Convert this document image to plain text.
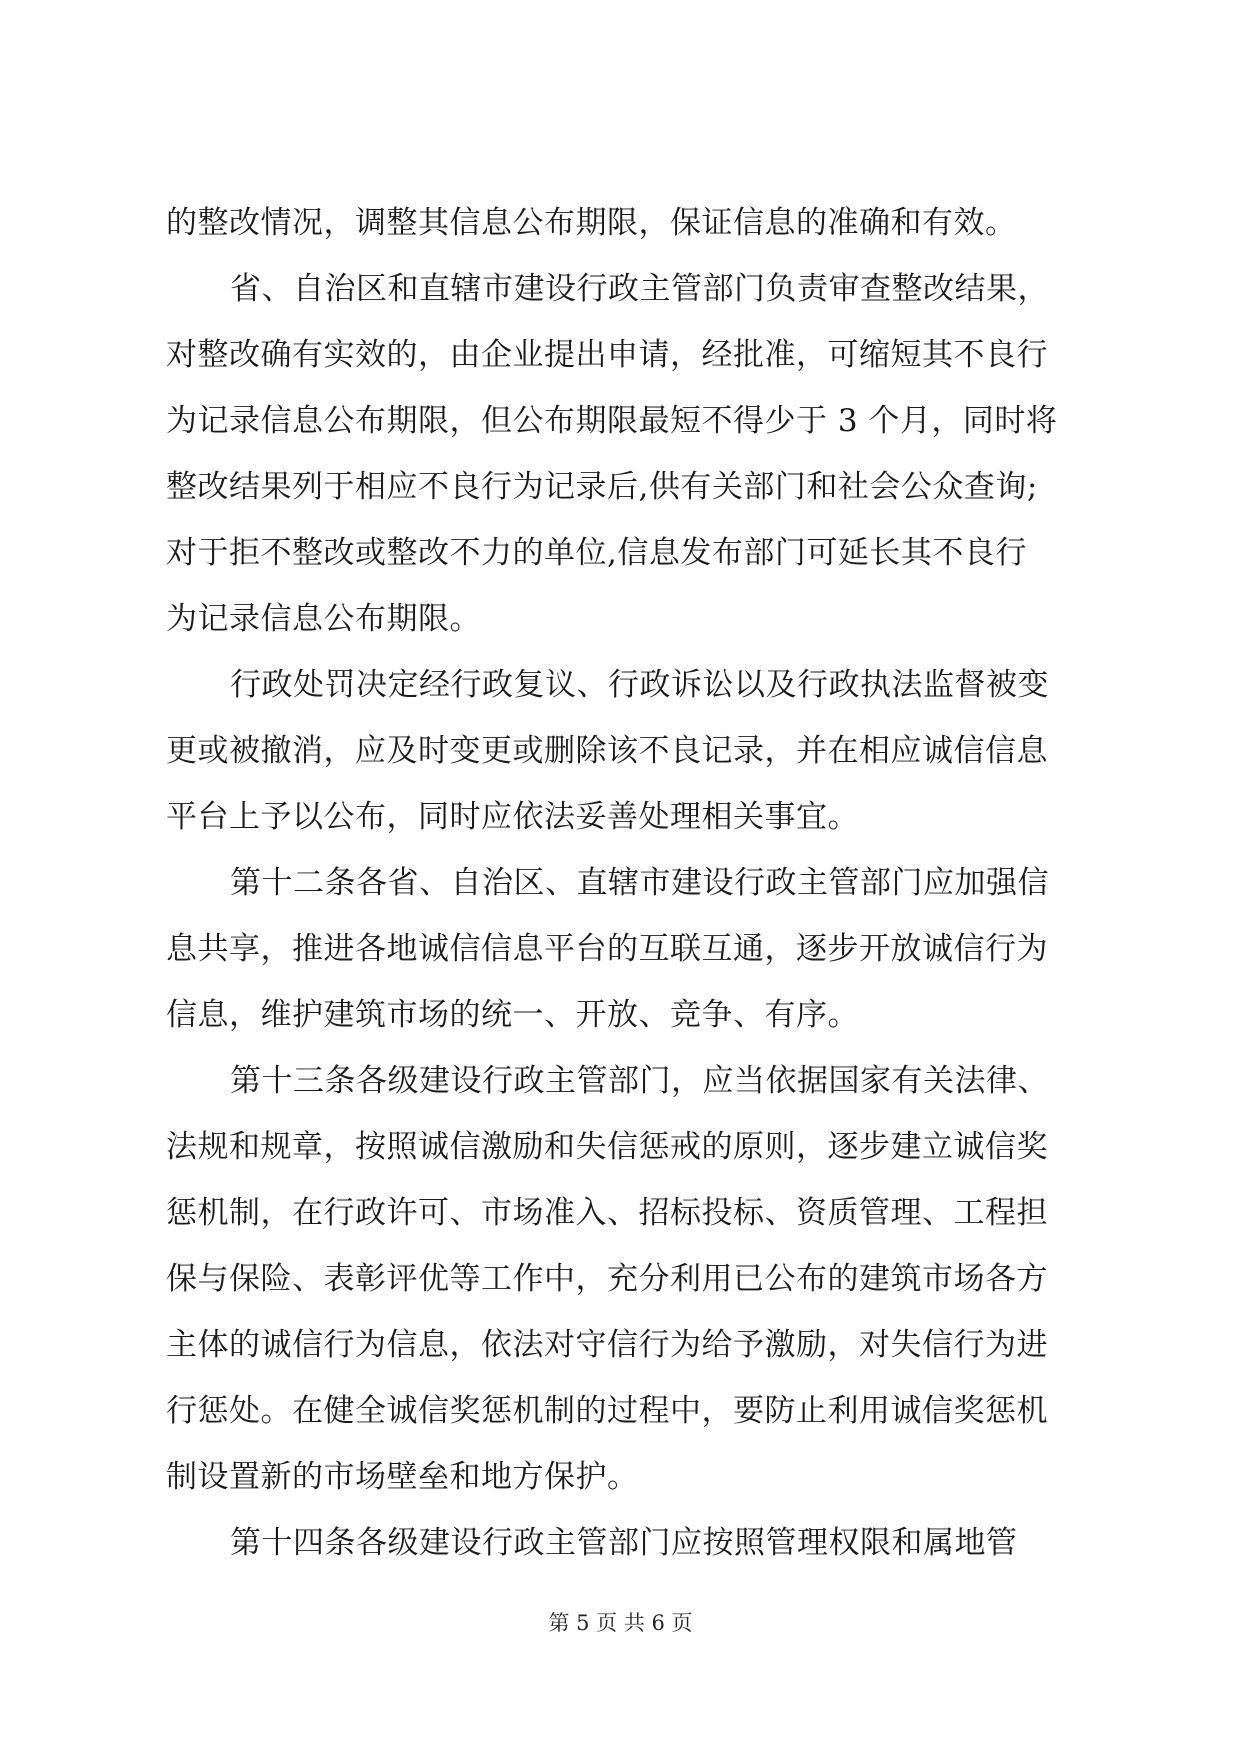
的整改情况，调整其信息公布期限，保证信息的准确和有效。
省、自治区和直辖市建设行政主管部门负责审查整改结果，
对整改确有实效的，由企业提出申请，经批准，可缩短其不良行
为记录信息公布期限，但公布期限最短不得少于 3 个月，同时将
整改结果列于相应不良行为记录后,供有关部门和社会公众查询;
对于拒不整改或整改不力的单位,信息发布部门可延长其不良行
为记录信息公布期限。
行政处罚决定经行政复议、行政诉讼以及行政执法监督被变
更或被撤消，应及时变更或删除该不良记录，并在相应诚信信息
平台上予以公布，同时应依法妥善处理相关事宜。
第十二条各省、自治区、直辖市建设行政主管部门应加强信
息共享，推进各地诚信信息平台的互联互通，逐步开放诚信行为
信息，维护建筑市场的统一、开放、竞争、有序。
第十三条各级建设行政主管部门，应当依据国家有关法律、
法规和规章，按照诚信激励和失信惩戒的原则，逐步建立诚信奖
惩机制，在行政许可、市场准入、招标投标、资质管理、工程担
保与保险、表彰评优等工作中，充分利用已公布的建筑市场各方
主体的诚信行为信息，依法对守信行为给予激励，对失信行为进
行惩处。在健全诚信奖惩机制的过程中，要防止利用诚信奖惩机
制设置新的市场壁垒和地方保护。
第十四条各级建设行政主管部门应按照管理权限和属地管
第 5 页 共 6 页
